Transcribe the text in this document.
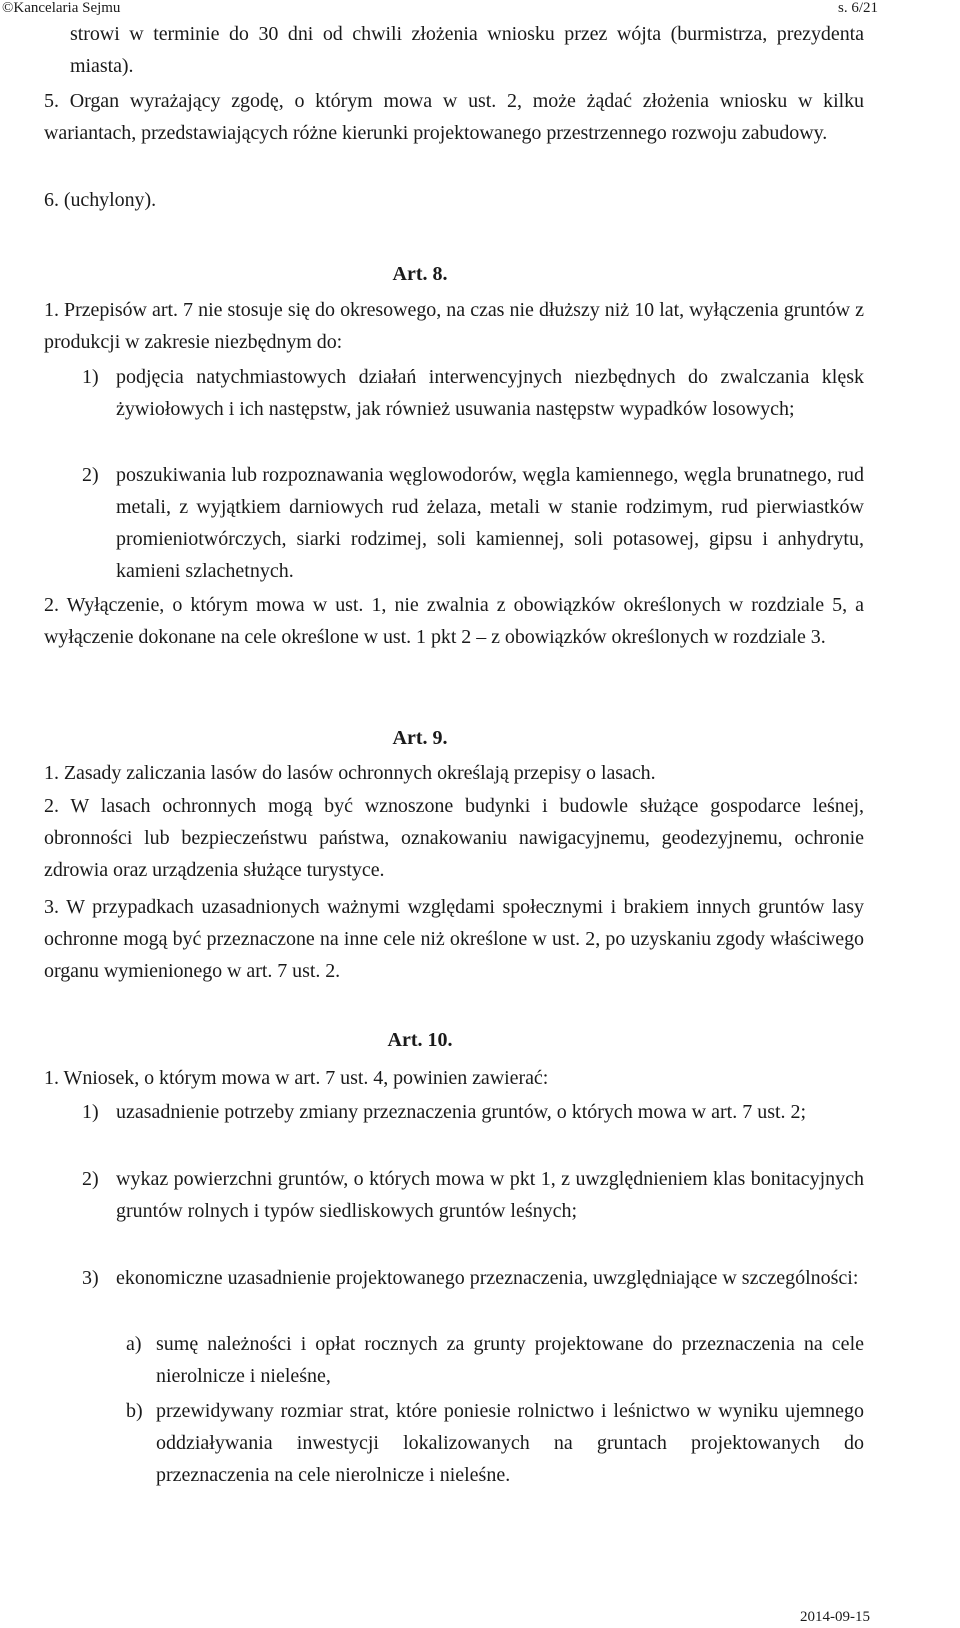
©Kancelaria Sejmu	s. 6/21
strowi w terminie do 30 dni od chwili złożenia wniosku przez wójta (burmistrza, prezydenta miasta).
5. Organ wyrażający zgodę, o którym mowa w ust. 2, może żądać złożenia wniosku w kilku wariantach, przedstawiających różne kierunki projektowanego przestrzennego rozwoju zabudowy.
6. (uchylony).
Art. 8.
1. Przepisów art. 7 nie stosuje się do okresowego, na czas nie dłuższy niż 10 lat, wyłączenia gruntów z produkcji w zakresie niezbędnym do:
1) podjęcia natychmiastowych działań interwencyjnych niezbędnych do zwalczania klęsk żywiołowych i ich następstw, jak również usuwania następstw wypadków losowych;
2) poszukiwania lub rozpoznawania węglowodorów, węgla kamiennego, węgla brunatnego, rud metali, z wyjątkiem darniowych rud żelaza, metali w stanie rodzimym, rud pierwiastków promieniotwórczych, siarki rodzimej, soli kamiennej, soli potasowej, gipsu i anhydrytu, kamieni szlachetnych.
2. Wyłączenie, o którym mowa w ust. 1, nie zwalnia z obowiązków określonych w rozdziale 5, a wyłączenie dokonane na cele określone w ust. 1 pkt 2 – z obowiązków określonych w rozdziale 3.
Art. 9.
1. Zasady zaliczania lasów do lasów ochronnych określają przepisy o lasach.
2. W lasach ochronnych mogą być wznoszone budynki i budowle służące gospodarce leśnej, obronności lub bezpieczeństwu państwa, oznakowaniu nawigacyjnemu, geodezyjnemu, ochronie zdrowia oraz urządzenia służące turystyce.
3. W przypadkach uzasadnionych ważnymi względami społecznymi i brakiem innych gruntów lasy ochronne mogą być przeznaczone na inne cele niż określone w ust. 2, po uzyskaniu zgody właściwego organu wymienionego w art. 7 ust. 2.
Art. 10.
1. Wniosek, o którym mowa w art. 7 ust. 4, powinien zawierać:
1) uzasadnienie potrzeby zmiany przeznaczenia gruntów, o których mowa w art. 7 ust. 2;
2) wykaz powierzchni gruntów, o których mowa w pkt 1, z uwzględnieniem klas bonitacyjnych gruntów rolnych i typów siedliskowych gruntów leśnych;
3) ekonomiczne uzasadnienie projektowanego przeznaczenia, uwzględniające w szczególności:
a) sumę należności i opłat rocznych za grunty projektowane do przeznaczenia na cele nierolnicze i nieleśne,
b) przewidywany rozmiar strat, które poniesie rolnictwo i leśnictwo w wyniku ujemnego oddziaływania inwestycji lokalizowanych na gruntach projektowanych do przeznaczenia na cele nierolnicze i nieleśne.
2014-09-15
